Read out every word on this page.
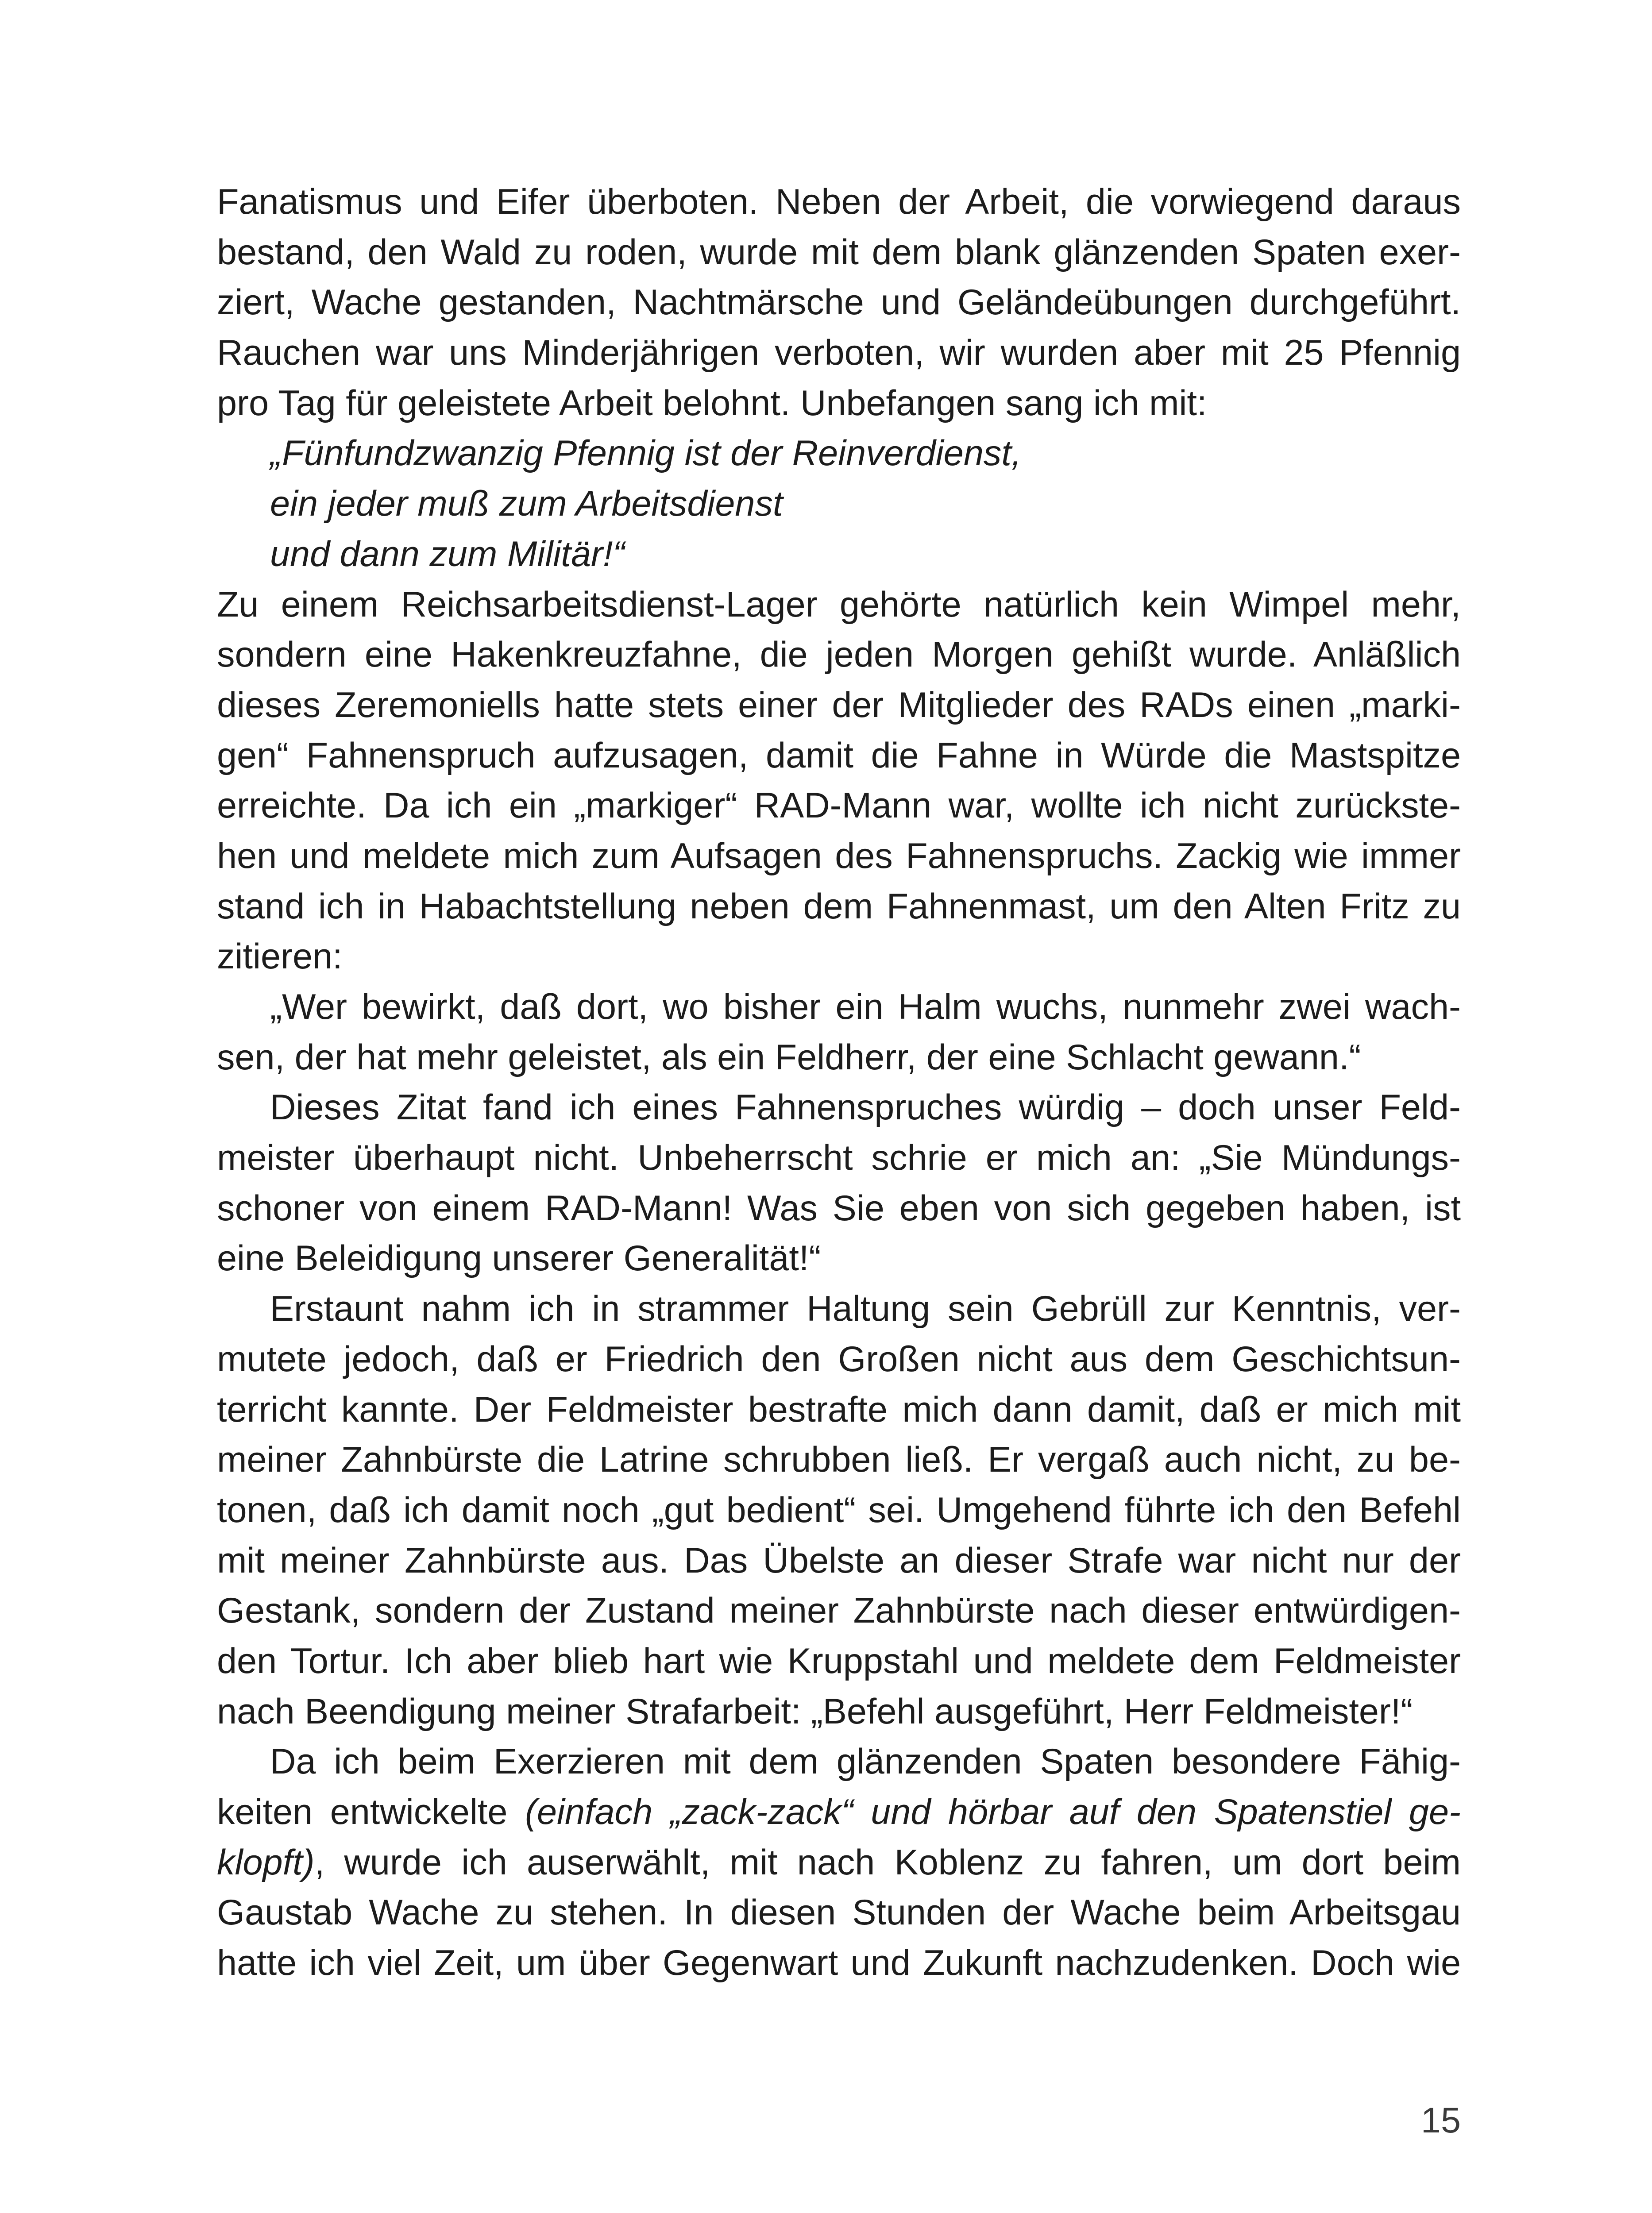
Fanatismus und Eifer überboten. Neben der Arbeit, die vorwiegend daraus
bestand, den Wald zu roden, wurde mit dem blank glänzenden Spaten exer-
ziert, Wache gestanden, Nachtmärsche und Geländeübungen durchgeführt.
Rauchen war uns Minderjährigen verboten, wir wurden aber mit 25 Pfennig
pro Tag für geleistete Arbeit belohnt. Unbefangen sang ich mit:
„Fünfundzwanzig Pfennig ist der Reinverdienst,
ein jeder muß zum Arbeitsdienst
und dann zum Militär!“
Zu einem Reichsarbeitsdienst-Lager gehörte natürlich kein Wimpel mehr,
sondern eine Hakenkreuzfahne, die jeden Morgen gehißt wurde. Anläßlich
dieses Zeremoniells hatte stets einer der Mitglieder des RADs einen „marki-
gen“ Fahnenspruch aufzusagen, damit die Fahne in Würde die Mastspitze
erreichte. Da ich ein „markiger“ RAD-Mann war, wollte ich nicht zurückste-
hen und meldete mich zum Aufsagen des Fahnenspruchs. Zackig wie immer
stand ich in Habachtstellung neben dem Fahnenmast, um den Alten Fritz zu
zitieren:
„Wer bewirkt, daß dort, wo bisher ein Halm wuchs, nunmehr zwei wach-
sen, der hat mehr geleistet, als ein Feldherr, der eine Schlacht gewann.“
Dieses Zitat fand ich eines Fahnenspruches würdig – doch unser Feld-
meister überhaupt nicht. Unbeherrscht schrie er mich an: „Sie Mündungs-
schoner von einem RAD-Mann! Was Sie eben von sich gegeben haben, ist
eine Beleidigung unserer Generalität!“
Erstaunt nahm ich in strammer Haltung sein Gebrüll zur Kenntnis, ver-
mutete jedoch, daß er Friedrich den Großen nicht aus dem Geschichtsun-
terricht kannte. Der Feldmeister bestrafte mich dann damit, daß er mich mit
meiner Zahnbürste die Latrine schrubben ließ. Er vergaß auch nicht, zu be-
tonen, daß ich damit noch „gut bedient“ sei. Umgehend führte ich den Befehl
mit meiner Zahnbürste aus. Das Übelste an dieser Strafe war nicht nur der
Gestank, sondern der Zustand meiner Zahnbürste nach dieser entwürdigen-
den Tortur. Ich aber blieb hart wie Kruppstahl und meldete dem Feldmeister
nach Beendigung meiner Strafarbeit: „Befehl ausgeführt, Herr Feldmeister!“
Da ich beim Exerzieren mit dem glänzenden Spaten besondere Fähig-
keiten entwickelte (einfach „zack-zack“ und hörbar auf den Spatenstiel ge-
klopft), wurde ich auserwählt, mit nach Koblenz zu fahren, um dort beim
Gaustab Wache zu stehen. In diesen Stunden der Wache beim Arbeitsgau
hatte ich viel Zeit, um über Gegenwart und Zukunft nachzudenken. Doch wie
15
